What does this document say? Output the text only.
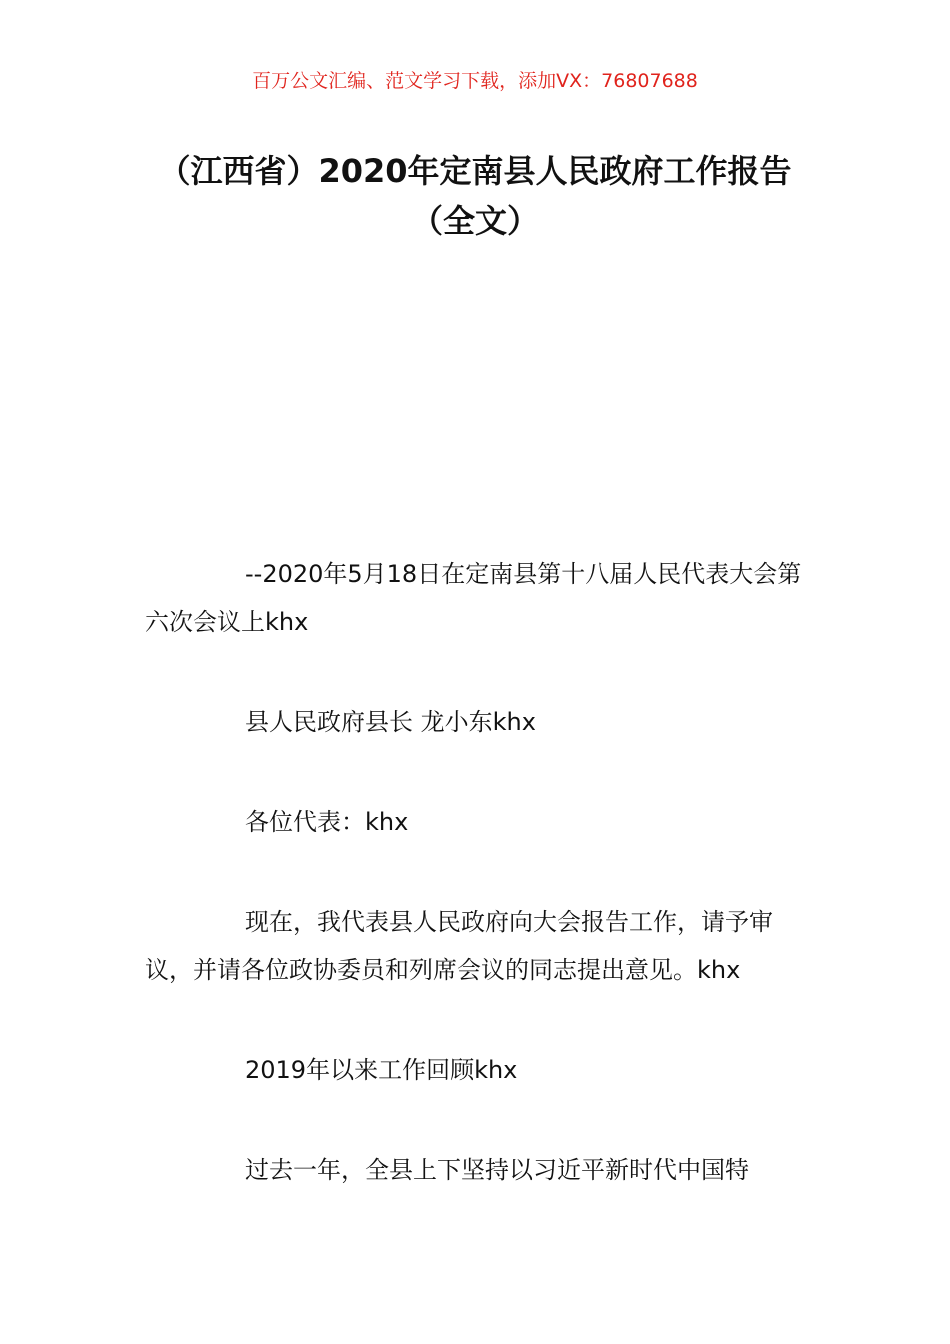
百万公文汇编、范文学习下载，添加VX：76807688
（江西省）2020年定南县人民政府工作报告（全文）

--2020年5月18日在定南县第十八届人民代表大会第六次会议上khx

县人民政府县长 龙小东khx

各位代表：khx

现在，我代表县人民政府向大会报告工作，请予审议，并请各位政协委员和列席会议的同志提出意见。khx

2019年以来工作回顾khx

过去一年，全县上下坚持以习近平新时代中国特
